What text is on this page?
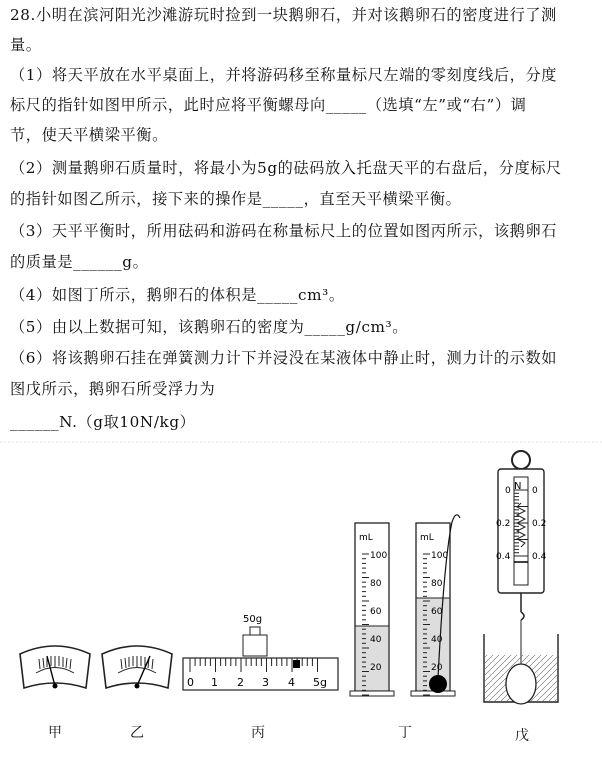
28.小明在滨河阳光沙滩游玩时捡到一块鹅卵石，并对该鹅卵石的密度进行了测
量。
（1）将天平放在水平桌面上，并将游码移至称量标尺左端的零刻度线后，分度
标尺的指针如图甲所示，此时应将平衡螺母向_____（选填“左”或“右”）调
节，使天平横梁平衡。
（2）测量鹅卵石质量时，将最小为5g的砝码放入托盘天平的右盘后，分度标尺
的指针如图乙所示，接下来的操作是_____，直至天平横梁平衡。
（3）天平平衡时，所用砝码和游码在称量标尺上的位置如图丙所示，该鹅卵石
的质量是______g。
（4）如图丁所示，鹅卵石的体积是_____cm³。
（5）由以上数据可知，该鹅卵石的密度为_____g/cm³。
（6）将该鹅卵石挂在弹簧测力计下并浸没在某液体中静止时，测力计的示数如
图戊所示，鹅卵石所受浮力为
______N.（g取10N/kg）
50g
0 1 2 3 4 5g
mL
100
80
60
40
20
mL
100
80
60
40
20
N
0
0.2
0.4
0
0.2
0.4
甲	乙	丙	丁	戊
